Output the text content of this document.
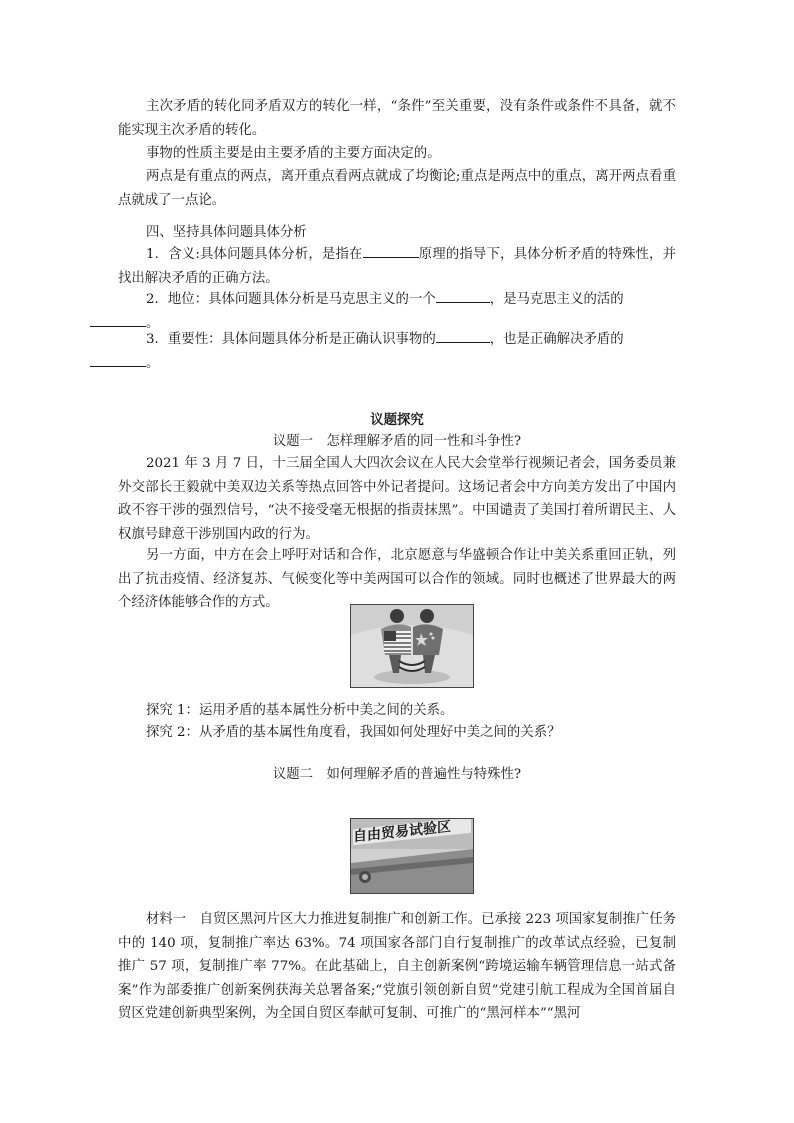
主次矛盾的转化同矛盾双方的转化一样，“条件”至关重要，没有条件或条件不具备，就不能实现主次矛盾的转化。

事物的性质主要是由主要矛盾的主要方面决定的。

两点是有重点的两点，离开重点看两点就成了均衡论;重点是两点中的重点，离开两点看重点就成了一点论。

四、坚持具体问题具体分析

1．含义:具体问题具体分析，是指在	原理的指导下，具体分析矛盾的特殊性，并找出解决矛盾的正确方法。

2．地位：具体问题具体分析是马克思主义的一个	，是马克思主义的活的
。

3．重要性：具体问题具体分析是正确认识事物的	，也是正确解决矛盾的
。

议题探究

议题一　怎样理解矛盾的同一性和斗争性?

2021 年 3 月 7 日，十三届全国人大四次会议在人民大会堂举行视频记者会，国务委员兼外交部长王毅就中美双边关系等热点回答中外记者提问。这场记者会中方向美方发出了中国内政不容干涉的强烈信号，“决不接受毫无根据的指责抹黑”。中国谴责了美国打着所谓民主、人权旗号肆意干涉别国内政的行为。

另一方面，中方在会上呼吁对话和合作，北京愿意与华盛顿合作让中美关系重回正轨，列出了抗击疫情、经济复苏、气候变化等中美两国可以合作的领域。同时也概述了世界最大的两个经济体能够合作的方式。

探究 1：运用矛盾的基本属性分析中美之间的关系。

探究 2：从矛盾的基本属性角度看，我国如何处理好中美之间的关系？

议题二　如何理解矛盾的普遍性与特殊性?

自由贸易试验区

材料一　自贸区黑河片区大力推进复制推广和创新工作。已承接 223 项国家复制推广任务中的 140 项，复制推广率达 63%。74 项国家各部门自行复制推广的改革试点经验，已复制推广 57 项，复制推广率 77%。在此基础上，自主创新案例“跨境运输车辆管理信息一站式备案”作为部委推广创新案例获海关总署备案;“党旗引领创新自贸”党建引航工程成为全国首届自贸区党建创新典型案例，为全国自贸区奉献可复制、可推广的“黑河样本”“黑河
